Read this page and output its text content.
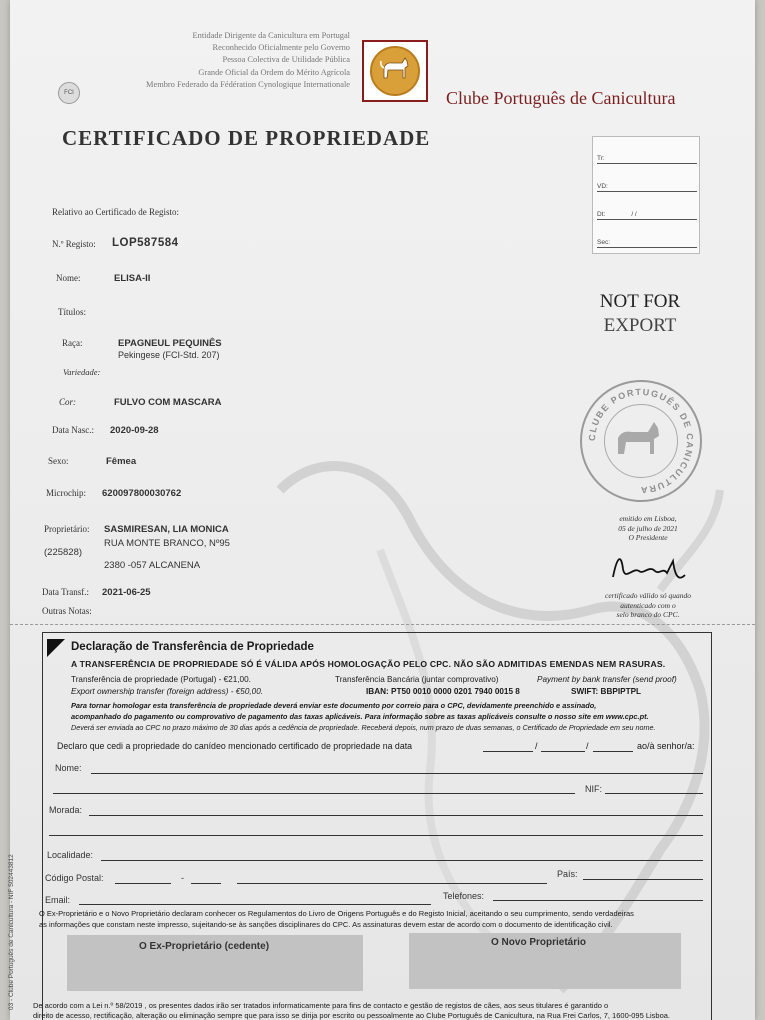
Entidade Dirigente da Canicultura em Portugal
Reconhecido Oficialmente pelo Governo
Pessoa Colectiva de Utilidade Pública
Grande Oficial da Ordem do Mérito Agrícola
Membro Federado da Fédération Cynologique Internationale
FCI	Clube Português de Canicultura
CERTIFICADO DE PROPRIEDADE
Tr:
VD:
Dt:	/ /
Sec:
Relativo ao Certificado de Registo:
N.º Registo: LOP587584
Nome:	ELISA-II
Títulos:
Raça:	EPAGNEUL PEQUINÊS
Pekingese (FCI-Std. 207)
Variedade:
Cor:	FULVO COM MASCARA
Data Nasc.: 2020-09-28
Sexo:	Fêmea
Microchip: 620097800030762
Proprietário: SASMIRESAN, LIA MONICA
(225828)
RUA MONTE BRANCO, Nº95
2380 -057 ALCANENA
Data Transf.: 2021-06-25
Outras Notas:
NOT FOR
EXPORT
CLUBE PORTUGUÊS DE CANICULTURA
emitido em Lisboa,
05 de julho de 2021
O Presidente
certificado válido só quando
autenticado com o
selo branco do CPC.
Declaração de Transferência de Propriedade
A TRANSFERÊNCIA DE PROPRIEDADE SÓ É VÁLIDA APÓS HOMOLOGAÇÃO PELO CPC. NÃO SÃO ADMITIDAS EMENDAS NEM RASURAS.
Transferência de propriedade (Portugal) - €21,00.
Export ownership transfer (foreign address) - €50,00.
Transferência Bancária (juntar comprovativo)	Payment by bank transfer (send proof)
IBAN: PT50 0010 0000 0201 7940 0015 8	SWIFT: BBPIPTPL
Para tornar homologar esta transferência de propriedade deverá enviar este documento por correio para o CPC, devidamente preenchido e assinado,
acompanhado do pagamento ou comprovativo de pagamento das taxas aplicáveis. Para informação sobre as taxas aplicáveis consulte o nosso site em www.cpc.pt.
Deverá ser enviada ao CPC no prazo máximo de 30 dias após a cedência de propriedade. Receberá depois, num prazo de duas semanas, o Certificado de Propriedade em seu nome.
Declaro que cedi a propriedade do canídeo mencionado certificado de propriedade na data	/	/	ao/à senhor/a:
Nome:
NIF:
Morada:
Localidade:
Código Postal:	-	País:
Email:	Telefones:
O Ex-Proprietário e o Novo Proprietário declaram conhecer os Regulamentos do Livro de Origens Português e do Registo Inicial, aceitando o seu cumprimento, sendo verdadeiras
as informações que constam neste impresso, sujeitando-se às sanções disciplinares do CPC. As assinaturas devem estar de acordo com o documento de identificação civil.
O Ex-Proprietário (cedente)	O Novo Proprietário
De acordo com a Lei n.º 58/2019 , os presentes dados irão ser tratados informaticamente para fins de contacto e gestão de registos de cães, aos seus titulares é garantido o
direito de acesso, rectificação, alteração ou eliminação sempre que para isso se dirija por escrito ou pessoalmente ao Clube Português de Canicultura, na Rua Frei Carlos, 7, 1600-095 Lisboa.
03 - Clube Português de Canicultura - NIF 502443812
